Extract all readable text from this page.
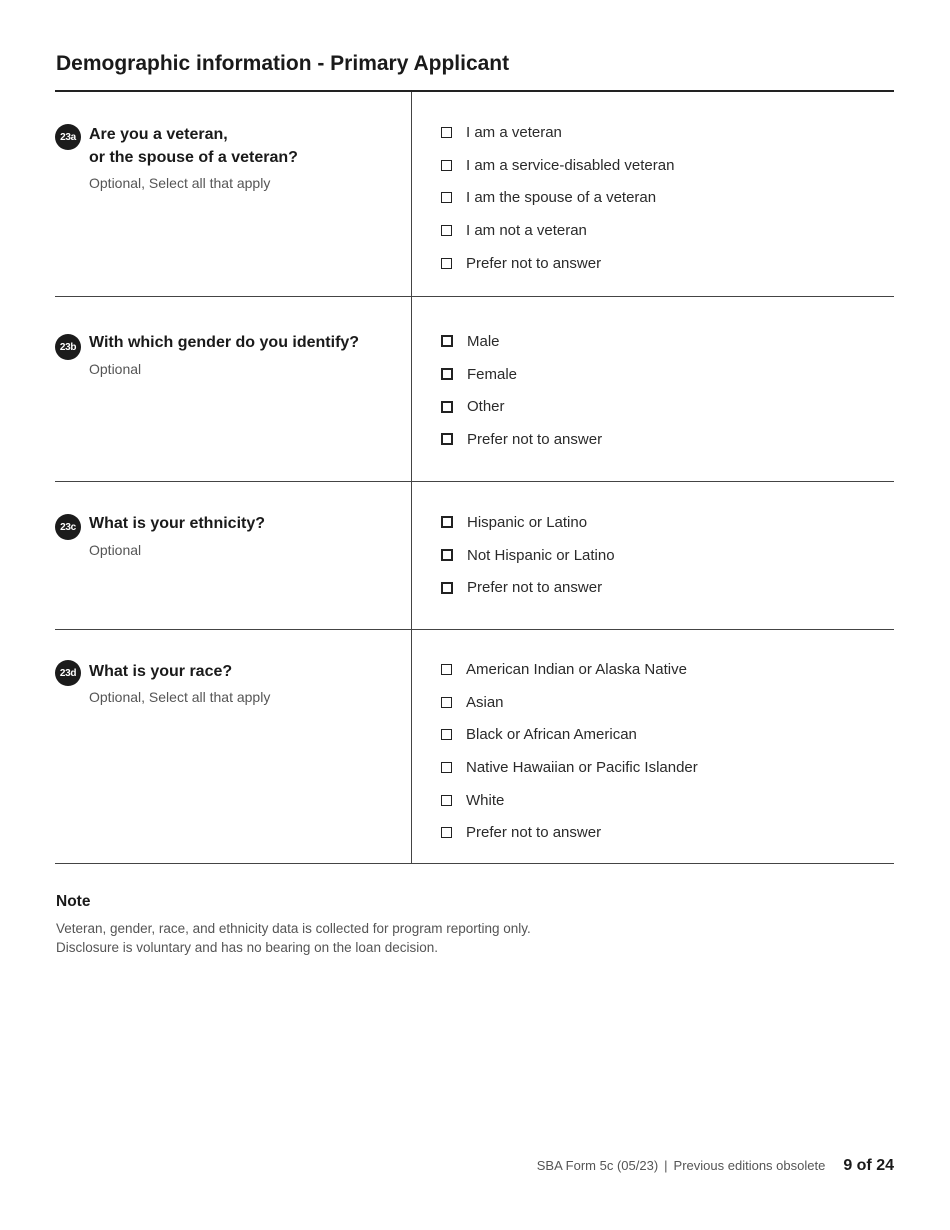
Demographic information - Primary Applicant
23a Are you a veteran,
or the spouse of a veteran?
Optional, Select all that apply
I am a veteran
I am a service-disabled veteran
I am the spouse of a veteran
I am not a veteran
Prefer not to answer
23b With which gender do you identify?
Optional
Male
Female
Other
Prefer not to answer
23c What is your ethnicity?
Optional
Hispanic or Latino
Not Hispanic or Latino
Prefer not to answer
23d What is your race?
Optional, Select all that apply
American Indian or Alaska Native
Asian
Black or African American
Native Hawaiian or Pacific Islander
White
Prefer not to answer
Note
Veteran, gender, race, and ethnicity data is collected for program reporting only.
Disclosure is voluntary and has no bearing on the loan decision.
SBA Form 5c (05/23) | Previous editions obsolete 9 of 24
